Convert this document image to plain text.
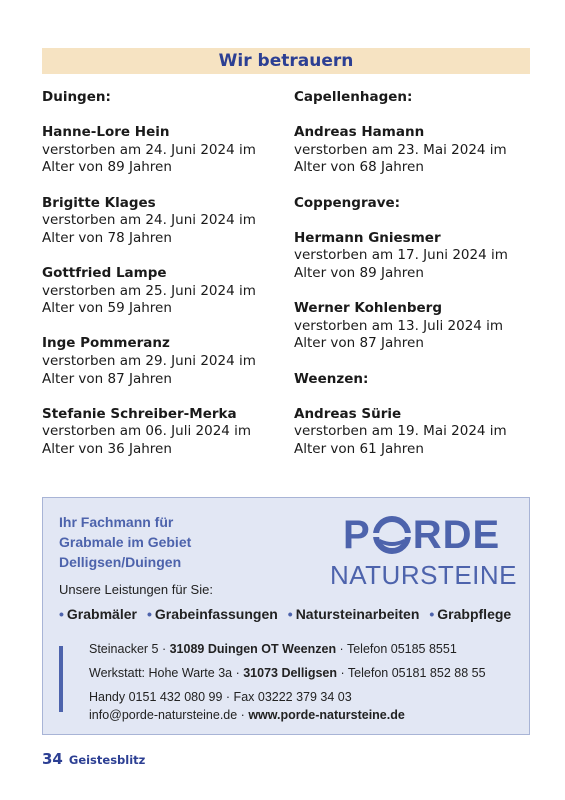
Wir betrauern
Duingen:
Hanne-Lore Hein
verstorben am 24. Juni 2024 im
Alter von 89 Jahren
Brigitte Klages
verstorben am 24. Juni 2024 im
Alter von 78 Jahren
Gottfried Lampe
verstorben am 25. Juni 2024 im
Alter von 59 Jahren
Inge Pommeranz
verstorben am 29. Juni 2024 im
Alter von 87 Jahren
Stefanie Schreiber-Merka
verstorben am 06. Juli 2024 im
Alter von 36 Jahren
Capellenhagen:
Andreas Hamann
verstorben am 23. Mai 2024 im
Alter von 68 Jahren
Coppengrave:
Hermann Gniesmer
verstorben am 17. Juni 2024 im
Alter von 89 Jahren
Werner Kohlenberg
verstorben am 13. Juli 2024 im
Alter von 87 Jahren
Weenzen:
Andreas Sürie
verstorben am 19. Mai 2024 im
Alter von 61 Jahren
Ihr Fachmann für
Grabmale im Gebiet
Delligsen/Duingen
P RDE
NATURSTEINE
Unsere Leistungen für Sie:
• Grabmäler • Grabeinfassungen • Natursteinarbeiten • Grabpflege
Steinacker 5 · 31089 Duingen OT Weenzen · Telefon 05185 8551
Werkstatt: Hohe Warte 3a · 31073 Delligsen · Telefon 05181 852 88 55
Handy 0151 432 080 99 · Fax 03222 379 34 03
info@porde-natursteine.de · www.porde-natursteine.de
34 Geistesblitz
